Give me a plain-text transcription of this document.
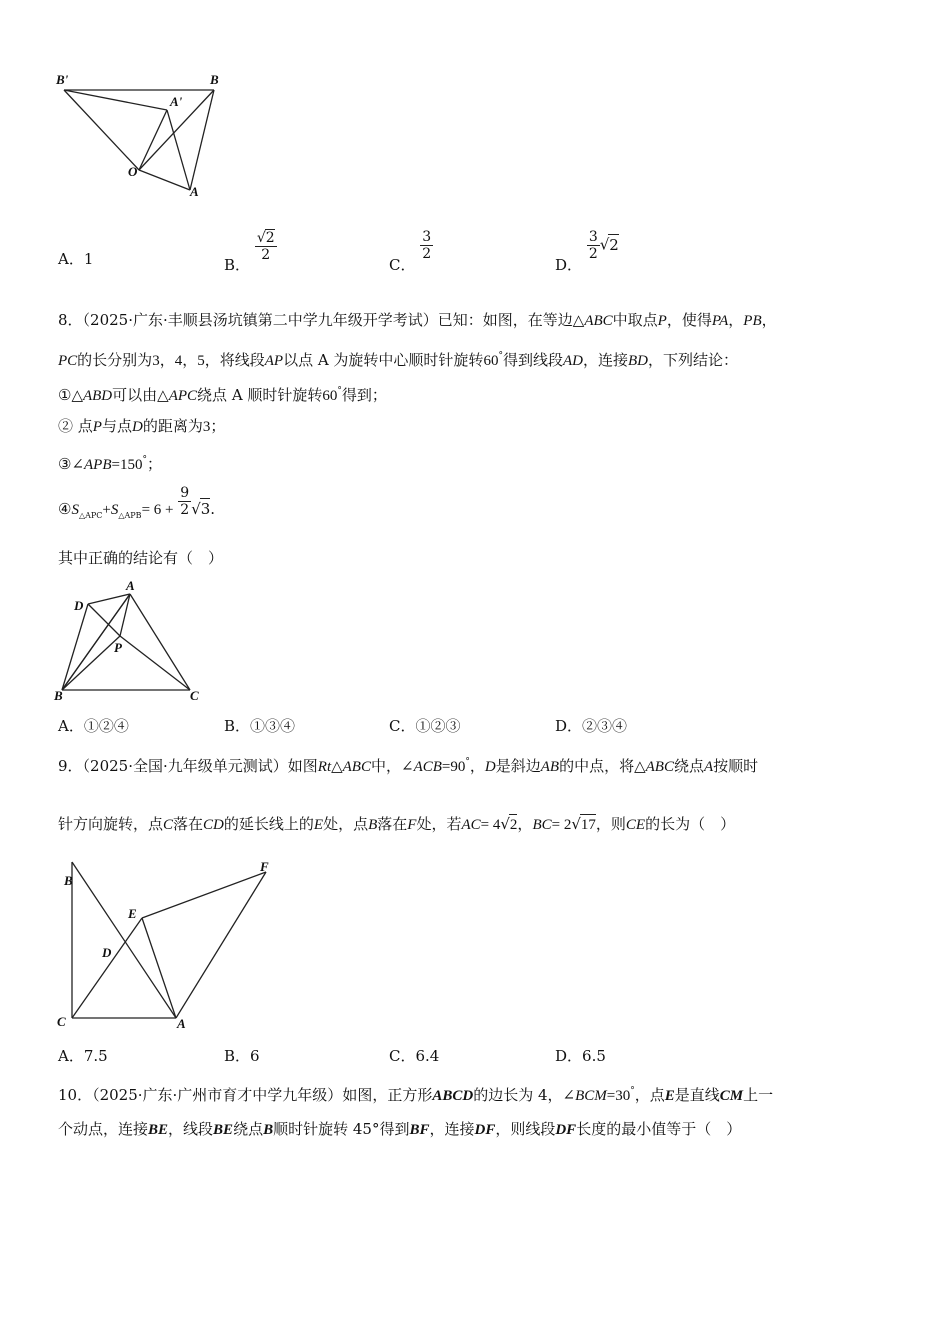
B'	B
A'
O
A
A．1	B．
$\frac{√2}{2}$
C．
$\frac{3}{2}$
D．
$\frac{3}{2} √2$
8．（2025·广东·丰顺县汤坑镇第二中学九年级开学考试）已知：如图，在等边△ABC中取点P，使得PA，PB，
PC的长分别为3，4，5，将线段AP以点 A 为旋转中心顺时针旋转60°得到线段AD，连接BD，下列结论：
①△ABD可以由△APC绕点 A 顺时针旋转60°得到；
② 点P与点D的距离为3；
③∠APB=150°；
$④S_{\triangle APC}+S_{\triangle APB}= 6 + \frac{9}{2} √3$.
其中正确的结论有（　）
A
D
P
B	C
A．①②④	B．①③④	C．①②③	D．②③④
9．（2025·全国·九年级单元测试）如图Rt△ABC中，∠ACB=90°，D是斜边AB的中点，将△ABC绕点A按顺时
针方向旋转，点C落在CD的延长线上的E处，点B落在F处，若AC= 4√2，BC= 2√17，则CE的长为（　）
B
F
E
D
C	A
A．7.5	B．6	C．6.4	D．6.5
10．（2025·广东·广州市育才中学九年级）如图，正方形ABCD的边长为 4，∠BCM=30°，点E是直线CM上一
个动点，连接BE，线段BE绕点B顺时针旋转 45°得到BF，连接DF，则线段DF长度的最小值等于（　）
